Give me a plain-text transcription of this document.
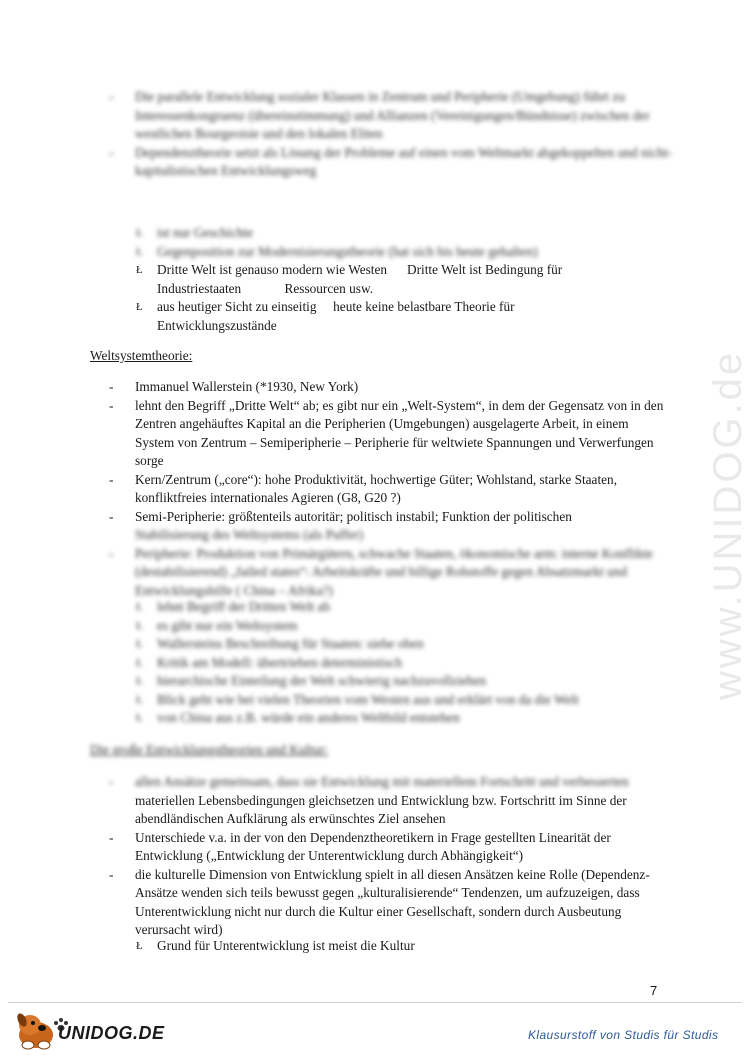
- Die parallele Entwicklung sozialer Klassen in Zentrum und Peripherie (Umgebung) führt zu Interessenkongruenz (übereinstimmung) und Allianzen (Vereinigungen/Bündnisse) zwischen der westlichen Bourgeoisie und den lokalen Eliten
- Dependenztheorie setzt als Lösung der Probleme auf einen vom Weltmarkt abgekoppelten und nicht-kapitalistischen Entwicklungsweg
Ł ist nur Geschichte
Ł Gegenposition zur Modernisierungstheorie (hat sich bis heute gehalten)
Ł Dritte Welt ist genauso modern wie Westen Dritte Welt ist Bedingung für Industriestaaten	Ressourcen usw.
Ł aus heutiger Sicht zu einseitig heute keine belastbare Theorie für Entwicklungszustände
Weltsystemtheorie:
- Immanuel Wallerstein (*1930, New York)
- lehnt den Begriff „Dritte Welt“ ab; es gibt nur ein „Welt-System“, in dem der Gegensatz von in den Zentren angehäuftes Kapital an die Peripherien (Umgebungen) ausgelagerte Arbeit, in einem System von Zentrum – Semiperipherie – Peripherie für weltwiete Spannungen und Verwerfungen sorge
- Kern/Zentrum („core“): hohe Produktivität, hochwertige Güter; Wohlstand, starke Staaten, konfliktfreies internationales Agieren (G8, G20 ?)
- Semi-Peripherie: größtenteils autoritär; politisch instabil; Funktion der politischen
Stabilisierung des Weltsystems (als Puffer)
- Peripherie: Produktion von Primärgütern, schwache Staaten, ökonomische arm: interne Konflikte (destabilisierend) „failed states“: Arbeitskräfte und billige Rohstoffe gegen Absatzmarkt und Entwicklungshilfe ( China – Afrika?)
Ł lehnt Begriff der Dritten Welt ab
Ł es gibt nur ein Weltsystem
Ł Wallersteins Beschreibung für Staaten: siehe oben
Ł Kritik am Modell: übertrieben deterministisch
Ł hierarchische Einteilung der Welt schwierig nachzuvollziehen
Ł Blick geht wie bei vielen Theorien vom Westen aus und erklärt von da die Welt
Ł von China aus z.B. würde ein anderes Weltbild entstehen
Die große Entwicklungstheorien und Kultur:
- allen Ansätze gemeinsam, dass sie Entwicklung mit materiellem Fortschritt und verbesserten
materiellen Lebensbedingungen gleichsetzen und Entwicklung bzw. Fortschritt im Sinne der abendländischen Aufklärung als erwünschtes Ziel ansehen
- Unterschiede v.a. in der von den Dependenztheoretikern in Frage gestellten Linearität der Entwicklung („Entwicklung der Unterentwicklung durch Abhängigkeit“)
- die kulturelle Dimension von Entwicklung spielt in all diesen Ansätzen keine Rolle (Dependenz-Ansätze wenden sich teils bewusst gegen „kulturalisierende“ Tendenzen, um aufzuzeigen, dass Unterentwicklung nicht nur durch die Kultur einer Gesellschaft, sondern durch Ausbeutung verursacht wird)
Ł Grund für Unterentwicklung ist meist die Kultur
www.UNIDOG.de
7
UNIDOG.DE	Klausurstoff von Studis für Studis
